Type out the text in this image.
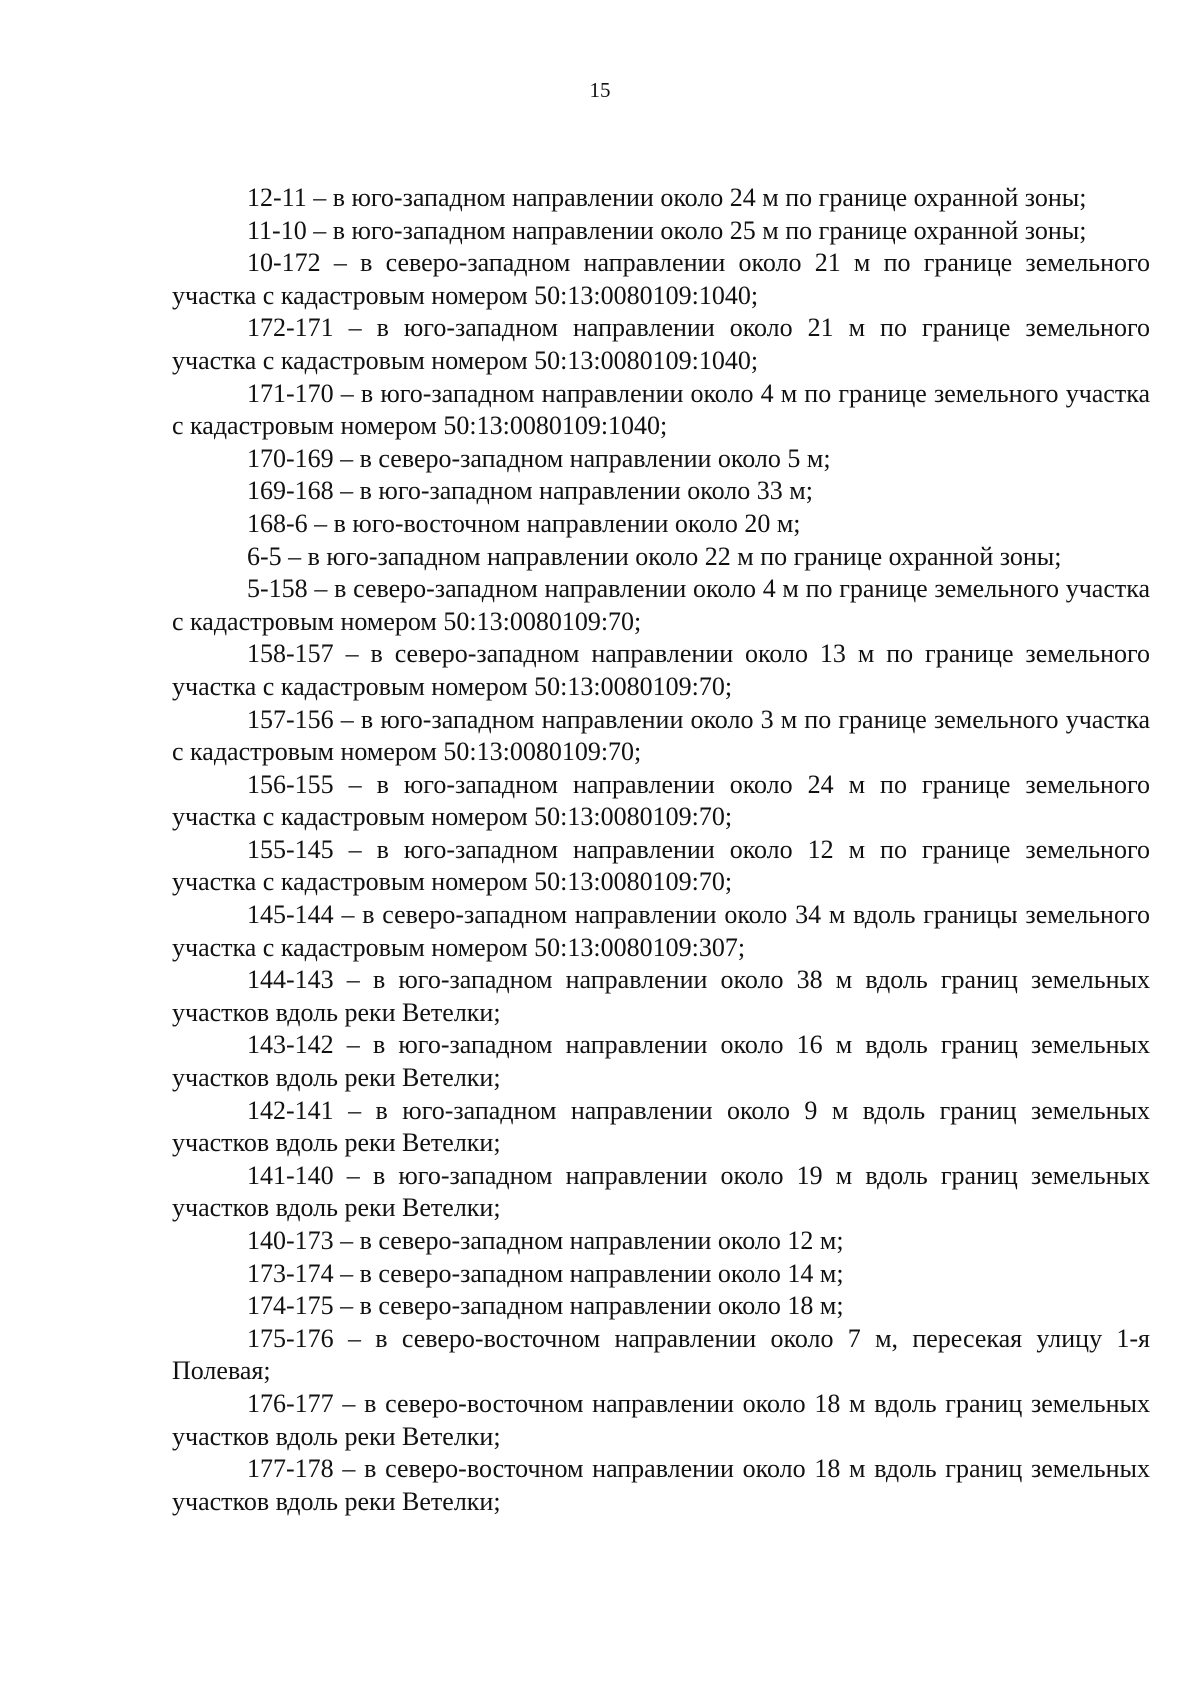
15

12-11 – в юго-западном направлении около 24 м по границе охранной зоны;

11-10 – в юго-западном направлении около 25 м по границе охранной зоны;

10-172 – в северо-западном направлении около 21 м по границе земельного участка с кадастровым номером 50:13:0080109:1040;

172-171 – в юго-западном направлении около 21 м по границе земельного участка с кадастровым номером 50:13:0080109:1040;

171-170 – в юго-западном направлении около 4 м по границе земельного участка с кадастровым номером 50:13:0080109:1040;

170-169 – в северо-западном направлении около 5 м;

169-168 – в юго-западном направлении около 33 м;

168-6 – в юго-восточном направлении около 20 м;

6-5 – в юго-западном направлении около 22 м по границе охранной зоны;

5-158 – в северо-западном направлении около 4 м по границе земельного участка с кадастровым номером 50:13:0080109:70;

158-157 – в северо-западном направлении около 13 м по границе земельного участка с кадастровым номером 50:13:0080109:70;

157-156 – в юго-западном направлении около 3 м по границе земельного участка с кадастровым номером 50:13:0080109:70;

156-155 – в юго-западном направлении около 24 м по границе земельного участка с кадастровым номером 50:13:0080109:70;

155-145 – в юго-западном направлении около 12 м по границе земельного участка с кадастровым номером 50:13:0080109:70;

145-144 – в северо-западном направлении около 34 м вдоль границы земельного участка с кадастровым номером 50:13:0080109:307;

144-143 – в юго-западном направлении около 38 м вдоль границ земельных участков вдоль реки Ветелки;

143-142 – в юго-западном направлении около 16 м вдоль границ земельных участков вдоль реки Ветелки;

142-141 – в юго-западном направлении около 9 м вдоль границ земельных участков вдоль реки Ветелки;

141-140 – в юго-западном направлении около 19 м вдоль границ земельных участков вдоль реки Ветелки;

140-173 – в северо-западном направлении около 12 м;

173-174 – в северо-западном направлении около 14 м;

174-175 – в северо-западном направлении около 18 м;

175-176 – в северо-восточном направлении около 7 м, пересекая улицу 1-я Полевая;

176-177 – в северо-восточном направлении около 18 м вдоль границ земельных участков вдоль реки Ветелки;

177-178 – в северо-восточном направлении около 18 м вдоль границ земельных участков вдоль реки Ветелки;
